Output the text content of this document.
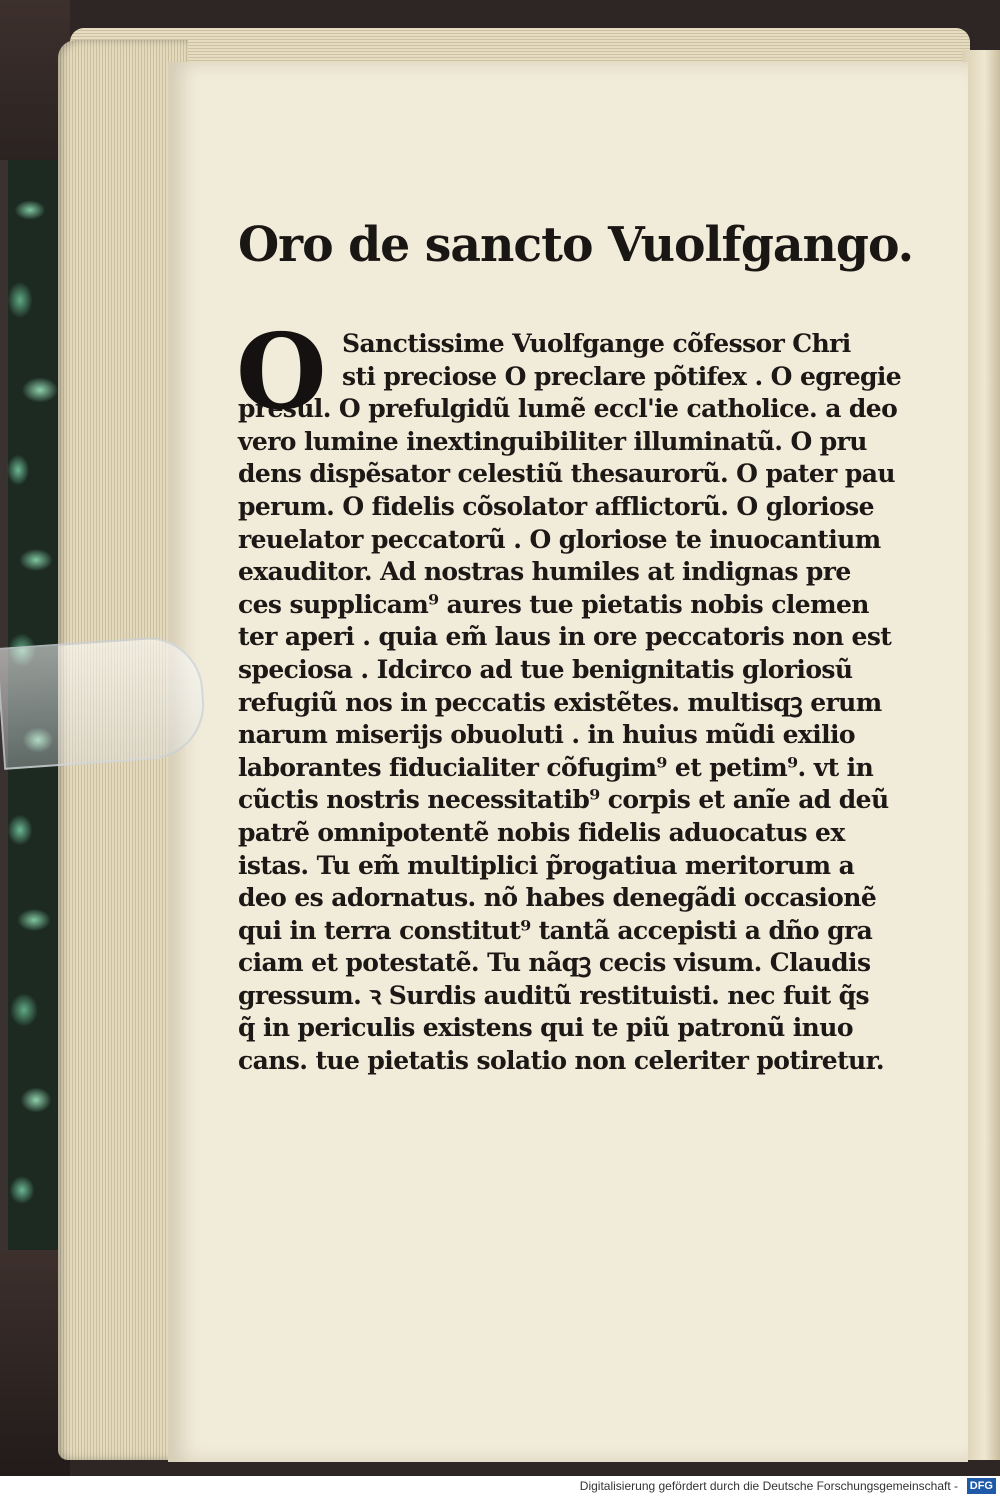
Oro de sancto Vuolfgango.
O Sanctissime Vuolfgange cõfessor Chri
sti preciose O preclare põtifex . O egregie
presul. O prefulgidũ lumẽ eccl'ie catholice. a deo
vero lumine inextinguibiliter illuminatũ. O pru
dens dispẽsator celestiũ thesaurorũ. O pater pau
perum. O fidelis cõsolator afflictorũ. O gloriose
reuelator peccatorũ . O gloriose te inuocantium
exauditor. Ad nostras humiles at indignas pre
ces supplicam⁹ aures tue pietatis nobis clemen
ter aperi . quia em̃ laus in ore peccatoris non est
speciosa . Idcirco ad tue benignitatis gloriosũ
refugiũ nos in peccatis existẽtes. multisqꝫ erum
narum miserijs obuoluti . in huius mũdi exilio
laborantes fiducialiter cõfugim⁹ et petim⁹. vt in
cũctis nostris necessitatib⁹ corpis et anĩe ad deũ
patrẽ omnipotentẽ nobis fidelis aduocatus ex
istas. Tu em̃ multiplici p̃rogatiua meritorum a
deo es adornatus. nõ habes denegãdi occasionẽ
qui in terra constitut⁹ tantã accepisti a dño gra
ciam et potestatẽ. Tu nãqꝫ cecis visum. Claudis
gressum. ꝛ Surdis auditũ restituisti. nec fuit q̃s
q̃ in periculis existens qui te piũ patronũ inuo
cans. tue pietatis solatio non celeriter potiretur.
Digitalisierung gefördert durch die Deutsche Forschungsgemeinschaft - DFG
